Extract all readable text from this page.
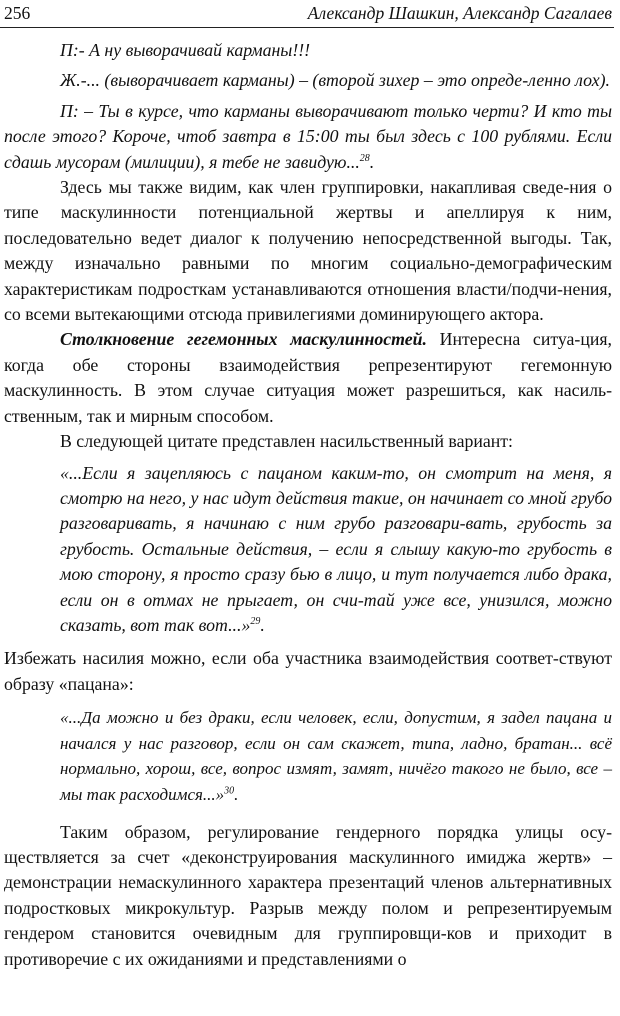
256	Александр Шашкин, Александр Сагалаев

П:- А ну выворачивай карманы!!!

Ж.-... (выворачивает карманы) – (второй зихер – это опреде-ленно лох).

П: – Ты в курсе, что карманы выворачивают только черти? И кто ты после этого? Короче, чтоб завтра в 15:00 ты был здесь с 100 рублями. Если сдашь мусорам (милиции), я тебе не завидую...$^{28}$.

Здесь мы также видим, как член группировки, накапливая сведе-ния о типе маскулинности потенциальной жертвы и апеллируя к ним, последовательно ведет диалог к получению непосредственной выгоды. Так, между изначально равными по многим социально-демографическим характеристикам подросткам устанавливаются отношения власти/подчи-нения, со всеми вытекающими отсюда привилегиями доминирующего актора.

Столкновение гегемонных маскулинностей. Интересна ситуа-ция, когда обе стороны взаимодействия репрезентируют гегемонную маскулинность. В этом случае ситуация может разрешиться, как насиль-ственным, так и мирным способом.

В следующей цитате представлен насильственный вариант:

«...Если я зацепляюсь с пацаном каким-то, он смотрит на меня, я смотрю на него, у нас идут действия такие, он начинает со мной грубо разговаривать, я начинаю с ним грубо разговари-вать, грубость за грубость. Остальные действия, – если я слышу какую-то грубость в мою сторону, я просто сразу бью в лицо, и тут получается либо драка, если он в отмах не прыгает, он счи-тай уже все, унизился, можно сказать, вот так вот...»$^{29}$.

Избежать насилия можно, если оба участника взаимодействия соответ-ствуют образу «пацана»:

«...Да можно и без драки, если человек, если, допустим, я задел пацана и начался у нас разговор, если он сам скажет, типа, ладно, братан... всё нормально, хорош, все, вопрос измят, замят, ничёго такого не было, все – мы так расходимся...»$^{30}$.

Таким образом, регулирование гендерного порядка улицы осу-ществляется за счет «деконструирования маскулинного имиджа жертв» – демонстрации немаскулинного характера презентаций членов альтернативных подростковых микрокультур. Разрыв между полом и репрезентируемым гендером становится очевидным для группировщи-ков и приходит в противоречие с их ожиданиями и представлениями о
